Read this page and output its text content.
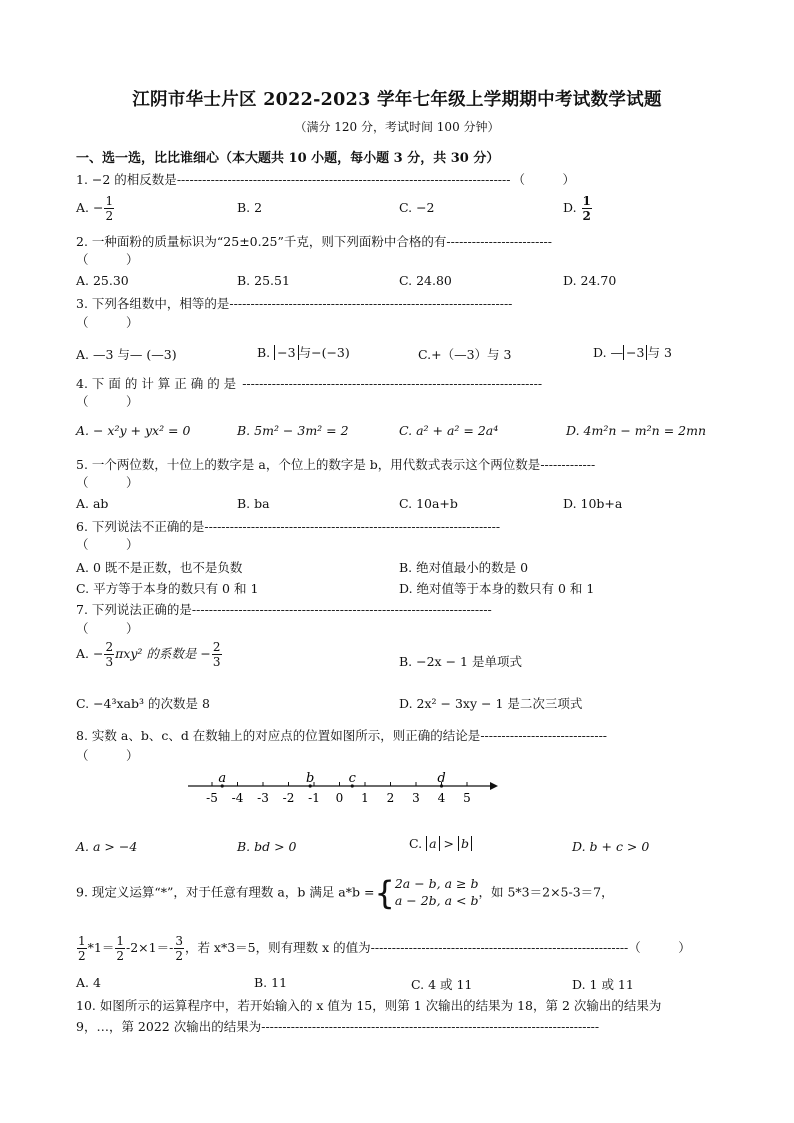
江阴市华士片区 2022-2023 学年七年级上学期期中考试数学试题
（满分 120 分，考试时间 100 分钟）
一、选一选，比比谁细心（本大题共 10 小题，每小题 3 分，共 30 分）
1. −2 的相反数是------------------------------------------------------------------------------- （　　　）
A. − $\frac{1}{2}$	B. 2	C. −2	D. $\frac{1}{2}$
2. 一种面粉的质量标识为“25±0.25”千克，则下列面粉中合格的有-------------------------
（　　　）
A. 25.30	B. 25.51	C. 24.80	D. 24.70
3. 下列各组数中，相等的是-------------------------------------------------------------------
（　　　）
A. —3 与— (—3)	B. −3 与−(−3)	C.+（—3）与 3	D. — −3 与 3
4. 下 面 的 计 算 正 确 的 是 -----------------------------------------------------------------------
（　　　）
A. − x²y + yx² = 0	B. 5m² − 3m² = 2	C. a² + a² = 2a⁴	D. 4m²n − m²n = 2mn
5. 一个两位数，十位上的数字是 a，个位上的数字是 b，用代数式表示这个两位数是-------------
（　　　）
A. ab	B. ba	C. 10a+b	D. 10b+a
6. 下列说法不正确的是----------------------------------------------------------------------
（　　　）
A. 0 既不是正数，也不是负数	B. 绝对值最小的数是 0
C. 平方等于本身的数只有 0 和 1	D. 绝对值等于本身的数只有 0 和 1
7. 下列说法正确的是-----------------------------------------------------------------------
（　　　）
A. − $\frac{2}{3} \pi xy^2$ 的系数是 − $\frac{2}{3}$	B. −2x − 1 是单项式
C. −4³xab³ 的次数是 8	D. 2x² − 3xy − 1 是二次三项式
8. 实数 a、b、c、d 在数轴上的对应点的位置如图所示，则正确的结论是------------------------------
（　　　）
-5 -4 -3 -2 -1 0 1 2 3 4 5
a	b	c	d
A. a > −4	B. bd > 0	C. a > b	D. b + c > 0
9. 现定义运算“*”，对于任意有理数 a，b 满足 a*b ={ 2a − b, a ≥ b
a − 2b, a < b
，如 5*3＝2×5-3＝7，
$\frac{1}{2} *1= \frac{1}{2} -2\times 1=- \frac{3}{2}$ ，若 x*3＝5，则有理数 x 的值为-------------------------------------------------------------（　　　）
A. 4	B. 11	C. 4 或 11	D. 1 或 11
10. 如图所示的运算程序中，若开始输入的 x 值为 15，则第 1 次输出的结果为 18，第 2 次输出的结果为
9，…，第 2022 次输出的结果为--------------------------------------------------------------------------------
